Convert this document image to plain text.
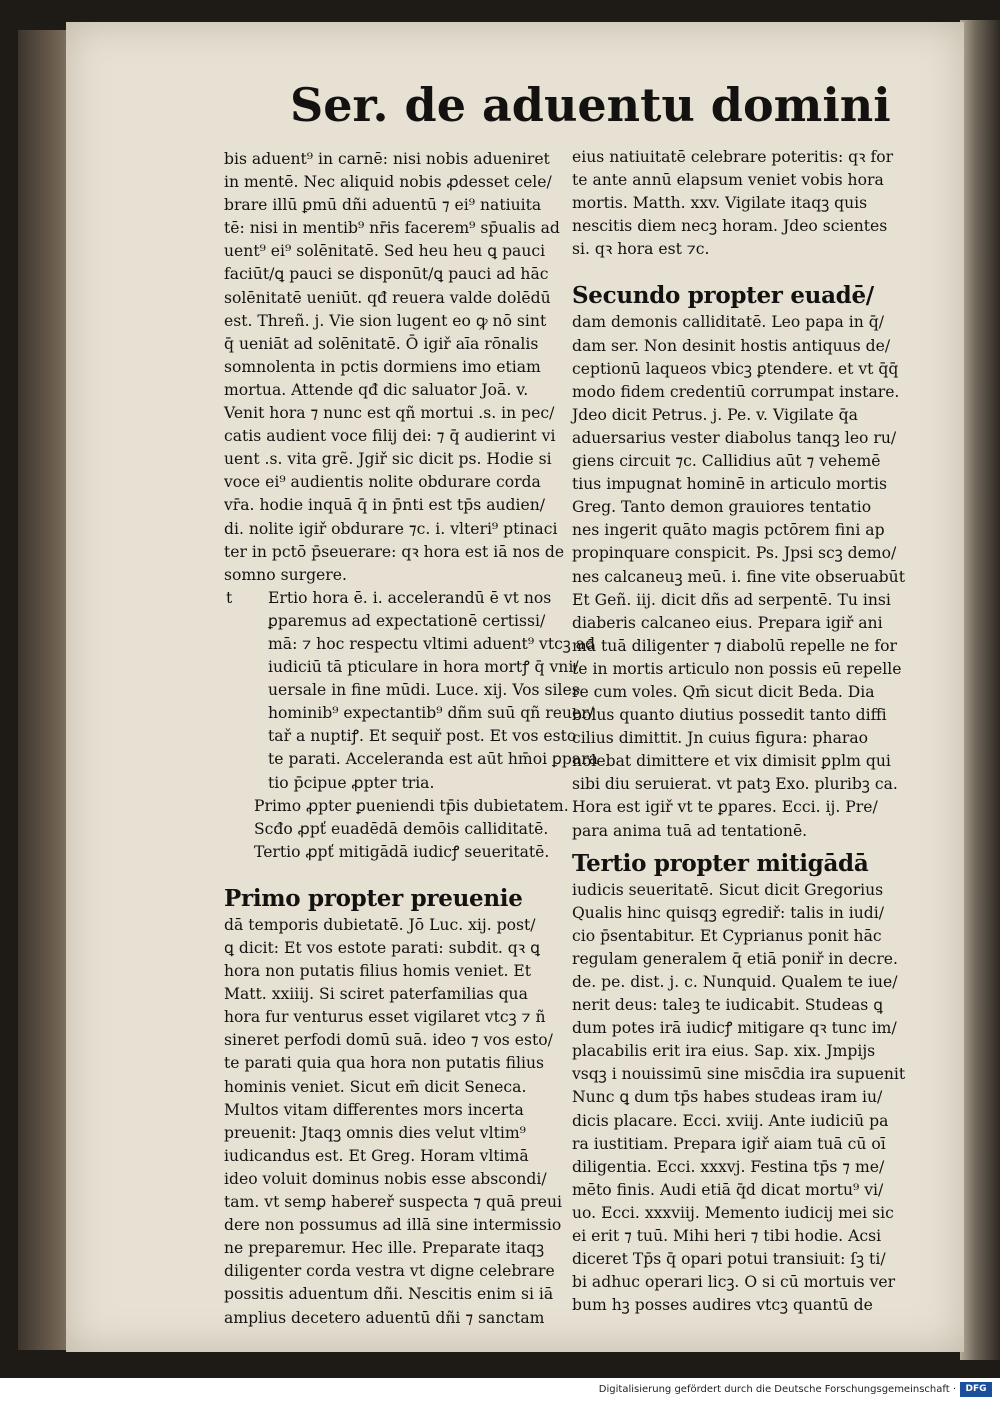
Ser. de aduentu domini
bis aduent⁹ in carnē: nisi nobis adueniret
in mentē. Nec aliquid nobis ꝓdesset cele/
brare illū ꝑmū dñi aduentū ⁊ ei⁹ natiuita
tē: nisi in mentib⁹ nr̄is facerem⁹ sp̄ualis ad
uent⁹ ei⁹ solēnitatē. Sed heu heu ꝗ pauci
faciūt/ꝗ pauci se disponūt/ꝗ pauci ad hāc
solēnitatē ueniūt. qđ reuera valde dolēdū
est. Threñ. j. Vie sion lugent eo ꝙ nō sint
q̄ ueniāt ad solēnitatē. Ō igiř aīa rōnalis
somnolenta in pctis dormiens imo etiam
mortua. Attende qđ dic saluator Joā. v.
Venit hora ⁊ nunc est qñ mortui .s. in pec/
catis audient voce filij dei: ⁊ q̄ audierint vi
uent .s. vita grẽ. Jgiř sic dicit ps. Hodie si
voce ei⁹ audientis nolite obdurare corda
vr̄a. hodie inquā q̄ in p̄nti est tp̄s audien/
di. nolite igiř obdurare ⁊c. i. vlteri⁹ ptinaci
ter in pctō p̄seuerare: qꝛ hora est iā nos de
somno surgere.
t	Ertio hora ē. i. accelerandū ē vt nos
ꝑparemus ad expectationē certissi/
mā: ⁊ hoc respectu vltimi aduent⁹ vtcꝫ ad
iudiciū tā pticulare in hora mortꝭ q̄ vni/
uersale in fine mūdi. Luce. xij. Vos siles
hominib⁹ expectantib⁹ dñm suū qñ reuer/
tař a nuptiꝭ. Et sequiř post. Et vos esto
te parati. Acceleranda est aūt hm̄oi ꝑpara
tio p̄cipue ꝓpter tria.
Primo ꝓpter ꝑueniendi tp̄is dubietatem.
Scđo ꝓpť euadēdā demōis calliditatē.
Tertio ꝓpť mitigādā iudicꝭ seueritatē.
Primo propter preuenie
dā temporis dubietatē. Jō Luc. xij. post/
ꝗ dicit: Et vos estote parati: subdit. qꝛ ꝗ
hora non putatis filius homis veniet. Et
Matt. xxiiij. Si sciret paterfamilias qua
hora fur venturus esset vigilaret vtcꝫ ⁊ ñ
sineret perfodi domū suā. ideo ⁊ vos esto/
te parati quia qua hora non putatis filius
hominis veniet. Sicut em̄ dicit Seneca.
Multos vitam differentes mors incerta
preuenit: Jtaqꝫ omnis dies velut vltim⁹
iudicandus est. Et Greg. Horam vltimā
ideo voluit dominus nobis esse abscondi/
tam. vt semꝑ habereř suspecta ⁊ quā preui
dere non possumus ad illā sine intermissio
ne preparemur. Hec ille. Preparate itaqꝫ
diligenter corda vestra vt digne celebrare
possitis aduentum dñi. Nescitis enim si iā
amplius decetero aduentū dñi ⁊ sanctam
eius natiuitatē celebrare poteritis: qꝛ for
te ante annū elapsum veniet vobis hora
mortis. Matth. xxv. Vigilate itaqꝫ quis
nescitis diem necꝫ horam. Jdeo scientes
si. qꝛ hora est ⁊c.
Secundo propter euadē/
dam demonis calliditatē. Leo papa in q̄/
dam ser. Non desinit hostis antiquus de/
ceptionū laqueos vbicꝫ ꝑtendere. et vt q̄q̄
modo fidem credentiū corrumpat instare.
Jdeo dicit Petrus. j. Pe. v. Vigilate q̄a
aduersarius vester diabolus tanqꝫ leo ru/
giens circuit ⁊c. Callidius aūt ⁊ vehemē
tius impugnat hominē in articulo mortis
Greg. Tanto demon grauiores tentatio
nes ingerit quāto magis pctōrem fini ap
propinquare conspicit. Ps. Jpsi scꝫ demo/
nes calcaneuꝫ meū. i. fine vite obseruabūt
Et Geñ. iij. dicit dñs ad serpentē. Tu insi
diaberis calcaneo eius. Prepara igiř ani
mā tuā diligenter ⁊ diabolū repelle ne for
te in mortis articulo non possis eū repelle
re cum voles. Qm̄ sicut dicit Beda. Dia
bolus quanto diutius possedit tanto diffi
cilius dimittit. Jn cuius figura: pharao
nolebat dimittere et vix dimisit ꝑplm qui
sibi diu seruierat. vt patꝫ Exo. pluribꝫ ca.
Hora est igiř vt te ꝑpares. Ecci. ij. Pre/
para anima tuā ad tentationē.
Tertio propter mitigādā
iudicis seueritatē. Sicut dicit Gregorius
Qualis hinc quisqꝫ egrediř: talis in iudi/
cio p̄sentabitur. Et Cyprianus ponit hāc
regulam generalem q̄ etiā poniř in decre.
de. pe. dist. j. c. Nunquid. Qualem te iue/
nerit deus: taleꝫ te iudicabit. Studeas ꝗ
dum potes irā iudicꝭ mitigare qꝛ tunc im/
placabilis erit ira eius. Sap. xix. Jmpijs
vsqꝫ i nouissimū sine misc̄dia ira supuenit
Nunc ꝗ dum tp̄s habes studeas iram iu/
dicis placare. Ecci. xviij. Ante iudiciū pa
ra iustitiam. Prepara igiř aiam tuā cū oī
diligentia. Ecci. xxxvj. Festina tp̄s ⁊ me/
mēto finis. Audi etiā q̄d dicat mortu⁹ vi/
uo. Ecci. xxxviij. Memento iudicij mei sic
ei erit ⁊ tuū. Mihi heri ⁊ tibi hodie. Acsi
diceret Tp̄s q̄ opari potui transiuit: ſꝫ ti/
bi adhuc operari licꝫ. O si cū mortuis ver
bum hꝫ posses audires vtcꝫ quantū de
Digitalisierung gefördert durch die Deutsche Forschungsgemeinschaft ·	DFG
